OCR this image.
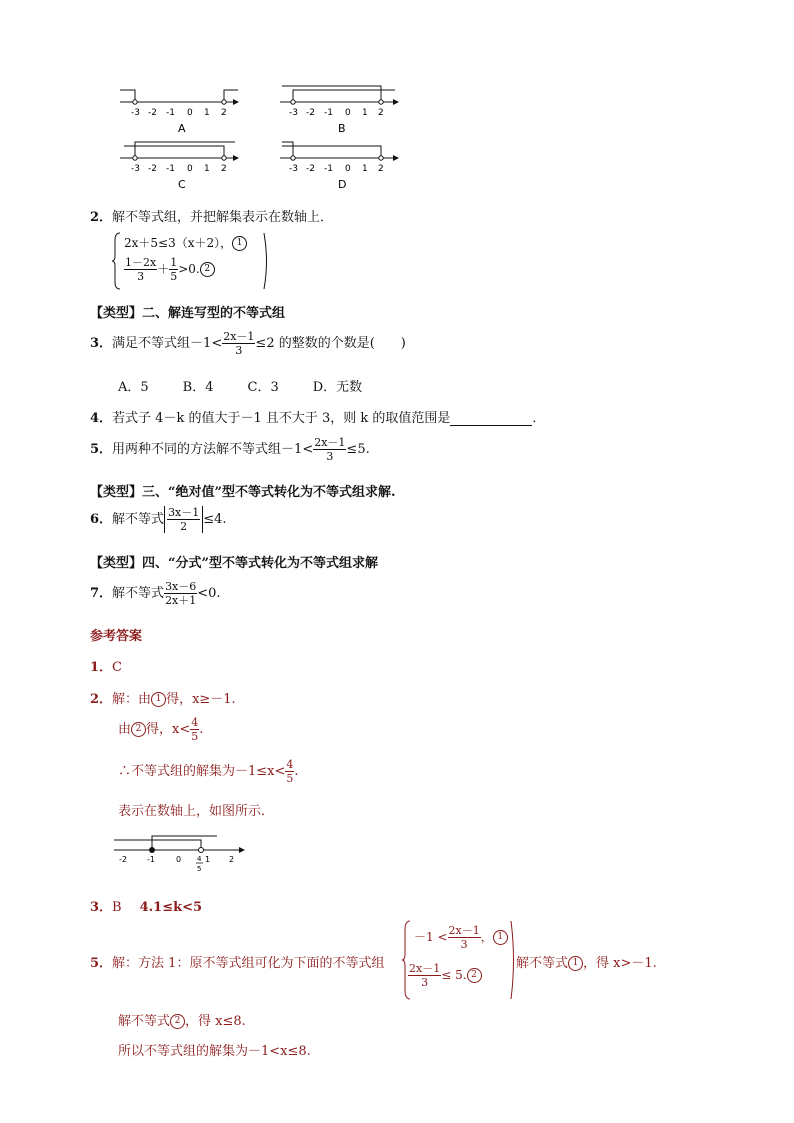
-3 -2 -1 0 1 2
A
-3 -2 -1 0 1 2
B
-3 -2 -1 0 1 2
C
-3 -2 -1 0 1 2
D
2．解不等式组，并把解集表示在数轴上．
2x＋5≤3（x＋2）， 1
$\frac{1-2x}{3} + \frac{1}{5} >0$. 2
【类型】二、解连写型的不等式组
3．满足不等式组$-1< \frac{2x-1}{3} \le 2$ 的整数的个数是(　　)
A．5	B．4	C．3	D．无数
4．若式子 4－k 的值大于－1 且不大于 3，则 k 的取值范围是	．
5．用两种不同的方法解不等式组$-1< \frac{2x-1}{3} \le 5$.
【类型】三、“绝对值”型不等式转化为不等式组求解.
6．解不等式 $\frac{3x-1}{2} \le 4$.
【类型】四、“分式”型不等式转化为不等式组求解
7．解不等式 $\frac{3x-6}{2x+1} <0$.
参考答案
1．C
2．解：由 1 得，x≥－1.
由 2 得，$x< \frac{4}{5}$ .
∴不等式组的解集为$-1\le x< \frac{4}{5}$ .
表示在数轴上，如图所示．
-2	-1	0	1 2
4
5
3．B 4.1≤k<5
5．解：方法 1：原不等式组可化为下面的不等式组
$-1 < \frac{2x-1}{3}$ ， 1
$\frac{2x-1}{3} \le 5$. 2
解不等式 1 ，得 x>－1.
解不等式 2 ，得 x≤8.
所以不等式组的解集为－1<x≤8.
